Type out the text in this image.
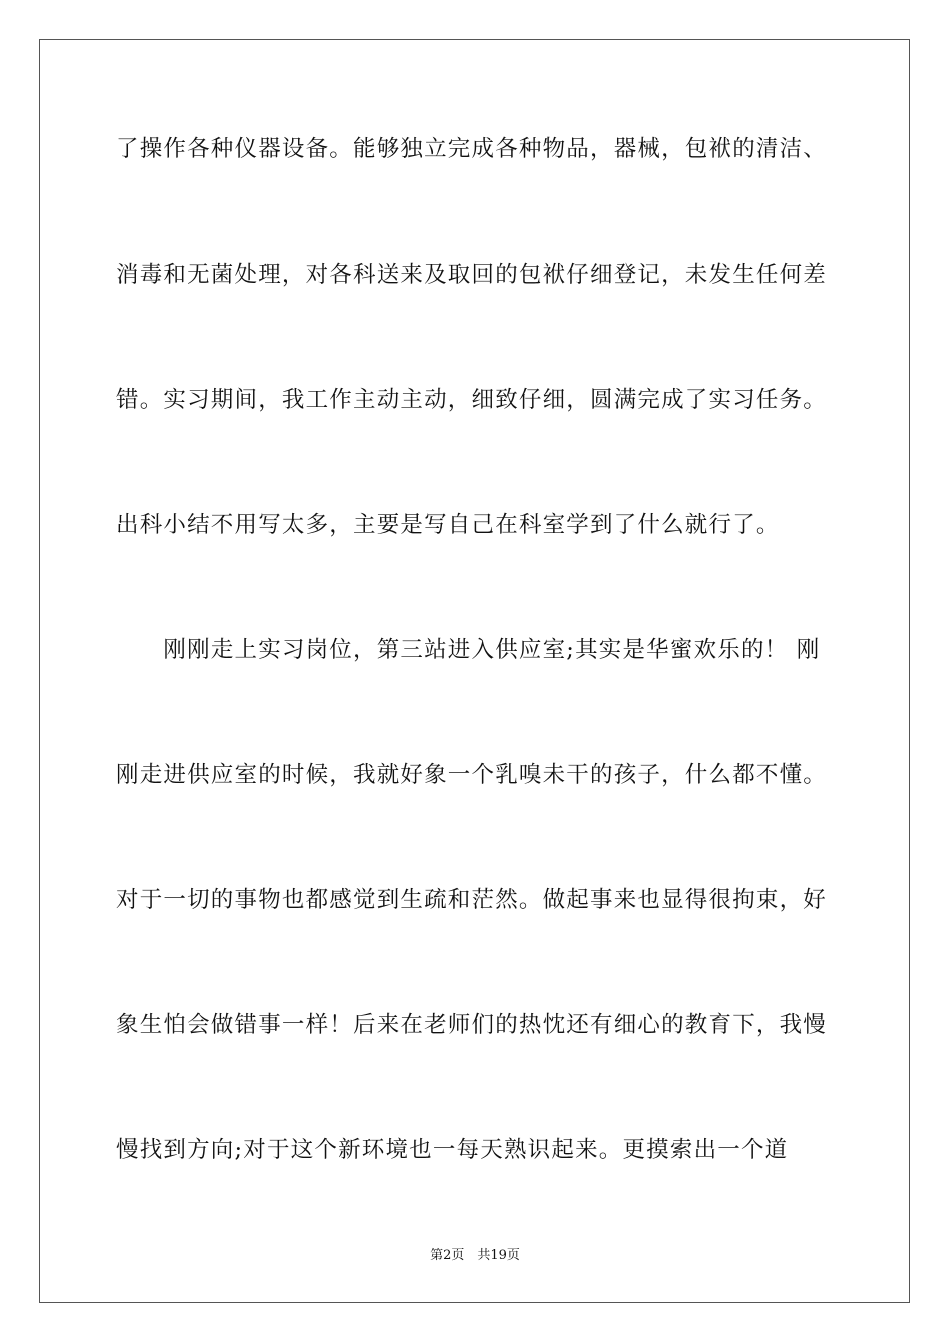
了操作各种仪器设备。能够独立完成各种物品，器械，包袱的清洁、
消毒和无菌处理，对各科送来及取回的包袱仔细登记，未发生任何差
错。实习期间，我工作主动主动，细致仔细，圆满完成了实习任务。
出科小结不用写太多，主要是写自己在科室学到了什么就行了。
　　刚刚走上实习岗位，第三站进入供应室;其实是华蜜欢乐的！ 刚
刚走进供应室的时候，我就好象一个乳嗅未干的孩子，什么都不懂。
对于一切的事物也都感觉到生疏和茫然。做起事来也显得很拘束，好
象生怕会做错事一样！后来在老师们的热忱还有细心的教育下，我慢
慢找到方向;对于这个新环境也一每天熟识起来。更摸索出一个道
第2页　共19页
